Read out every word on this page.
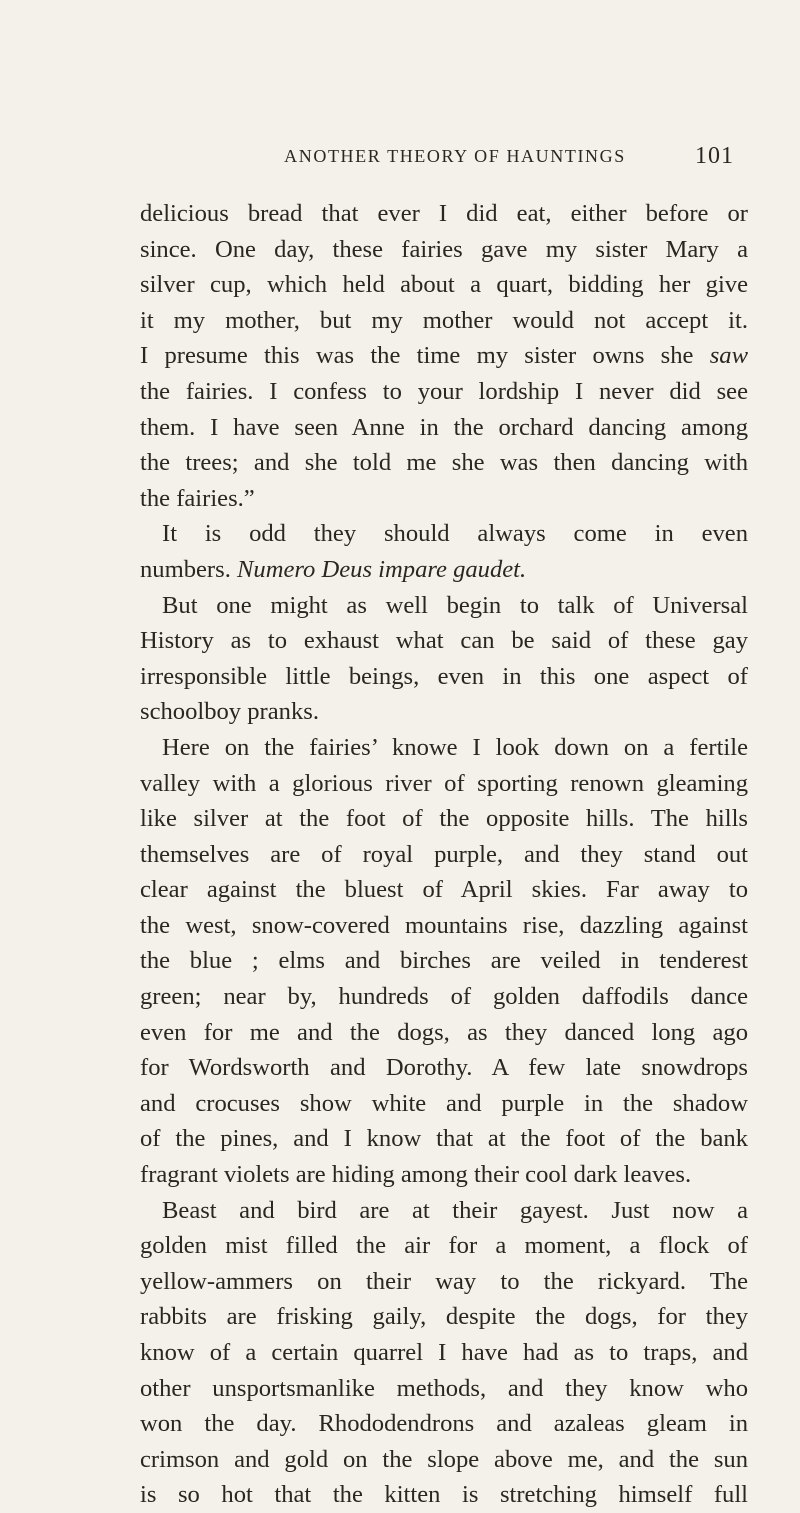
ANOTHER THEORY OF HAUNTINGS	101
delicious bread that ever I did eat, either before or
since. One day, these fairies gave my sister Mary a
silver cup, which held about a quart, bidding her give
it my mother, but my mother would not accept it.
I presume this was the time my sister owns she saw
the fairies. I confess to your lordship I never did see
them. I have seen Anne in the orchard dancing among
the trees; and she told me she was then dancing with
the fairies.”
It is odd they should always come in even
numbers. Numero Deus impare gaudet.
But one might as well begin to talk of Universal
History as to exhaust what can be said of these gay
irresponsible little beings, even in this one aspect of
schoolboy pranks.
Here on the fairies’ knowe I look down on a fertile
valley with a glorious river of sporting renown gleaming
like silver at the foot of the opposite hills. The hills
themselves are of royal purple, and they stand out
clear against the bluest of April skies. Far away to
the west, snow-covered mountains rise, dazzling against
the blue ; elms and birches are veiled in tenderest
green; near by, hundreds of golden daffodils dance
even for me and the dogs, as they danced long ago
for Wordsworth and Dorothy. A few late snowdrops
and crocuses show white and purple in the shadow
of the pines, and I know that at the foot of the bank
fragrant violets are hiding among their cool dark leaves.
Beast and bird are at their gayest. Just now a
golden mist filled the air for a moment, a flock of
yellow-ammers on their way to the rickyard. The
rabbits are frisking gaily, despite the dogs, for they
know of a certain quarrel I have had as to traps, and
other unsportsmanlike methods, and they know who
won the day. Rhododendrons and azaleas gleam in
crimson and gold on the slope above me, and the sun
is so hot that the kitten is stretching himself full
